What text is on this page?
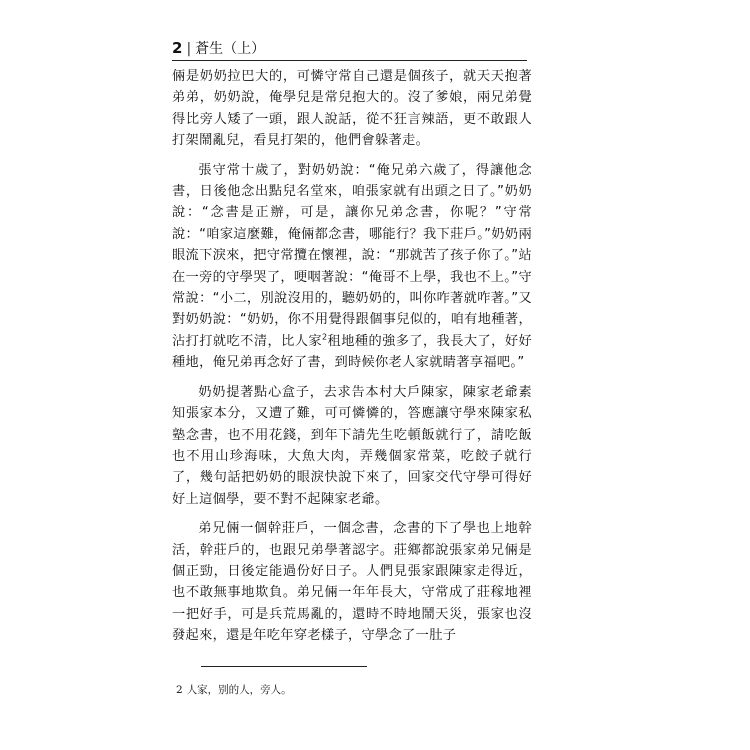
2 | 蒼生（上）

倆是奶奶拉巴大的，可憐守常自己還是個孩子，就天天抱著弟弟，奶奶說，俺學兒是常兒抱大的。沒了爹娘，兩兄弟覺得比旁人矮了一頭，跟人說話，從不狂言辣語，更不敢跟人打架鬧亂兒，看見打架的，他們會躲著走。

張守常十歲了，對奶奶說：“俺兄弟六歲了，得讓他念書，日後他念出點兒名堂來，咱張家就有出頭之日了。”奶奶說：“念書是正辦，可是，讓你兄弟念書，你呢？”守常說：“咱家這麼難，俺倆都念書，哪能行？我下莊戶。”奶奶兩眼流下淚來，把守常攬在懷裡，說：“那就苦了孩子你了。”站在一旁的守學哭了，哽咽著說：“俺哥不上學，我也不上。”守常說：“小二，別說沒用的，聽奶奶的，叫你咋著就咋著。”又對奶奶說：“奶奶，你不用覺得跟個事兒似的，咱有地種著，沾打打就吃不清，比人家$^2$租地種的強多了，我長大了，好好種地，俺兄弟再念好了書，到時候你老人家就睛著享福吧。”

奶奶提著點心盒子，去求告本村大戶陳家，陳家老爺素知張家本分，又遭了難，可可憐憐的，答應讓守學來陳家私塾念書，也不用花錢，到年下請先生吃頓飯就行了，請吃飯也不用山珍海味，大魚大肉，弄幾個家常菜，吃餃子就行了，幾句話把奶奶的眼淚快說下來了，回家交代守學可得好好上這個學，要不對不起陳家老爺。

弟兄倆一個幹莊戶，一個念書，念書的下了學也上地幹活，幹莊戶的，也跟兄弟學著認字。莊鄉都說張家弟兄倆是個正勁，日後定能過份好日子。人們見張家跟陳家走得近，也不敢無事地欺負。弟兄倆一年年長大，守常成了莊稼地裡一把好手，可是兵荒馬亂的，還時不時地鬧天災，張家也沒發起來，還是年吃年穿老樣子，守學念了一肚子

2 人家，别的人，旁人。
